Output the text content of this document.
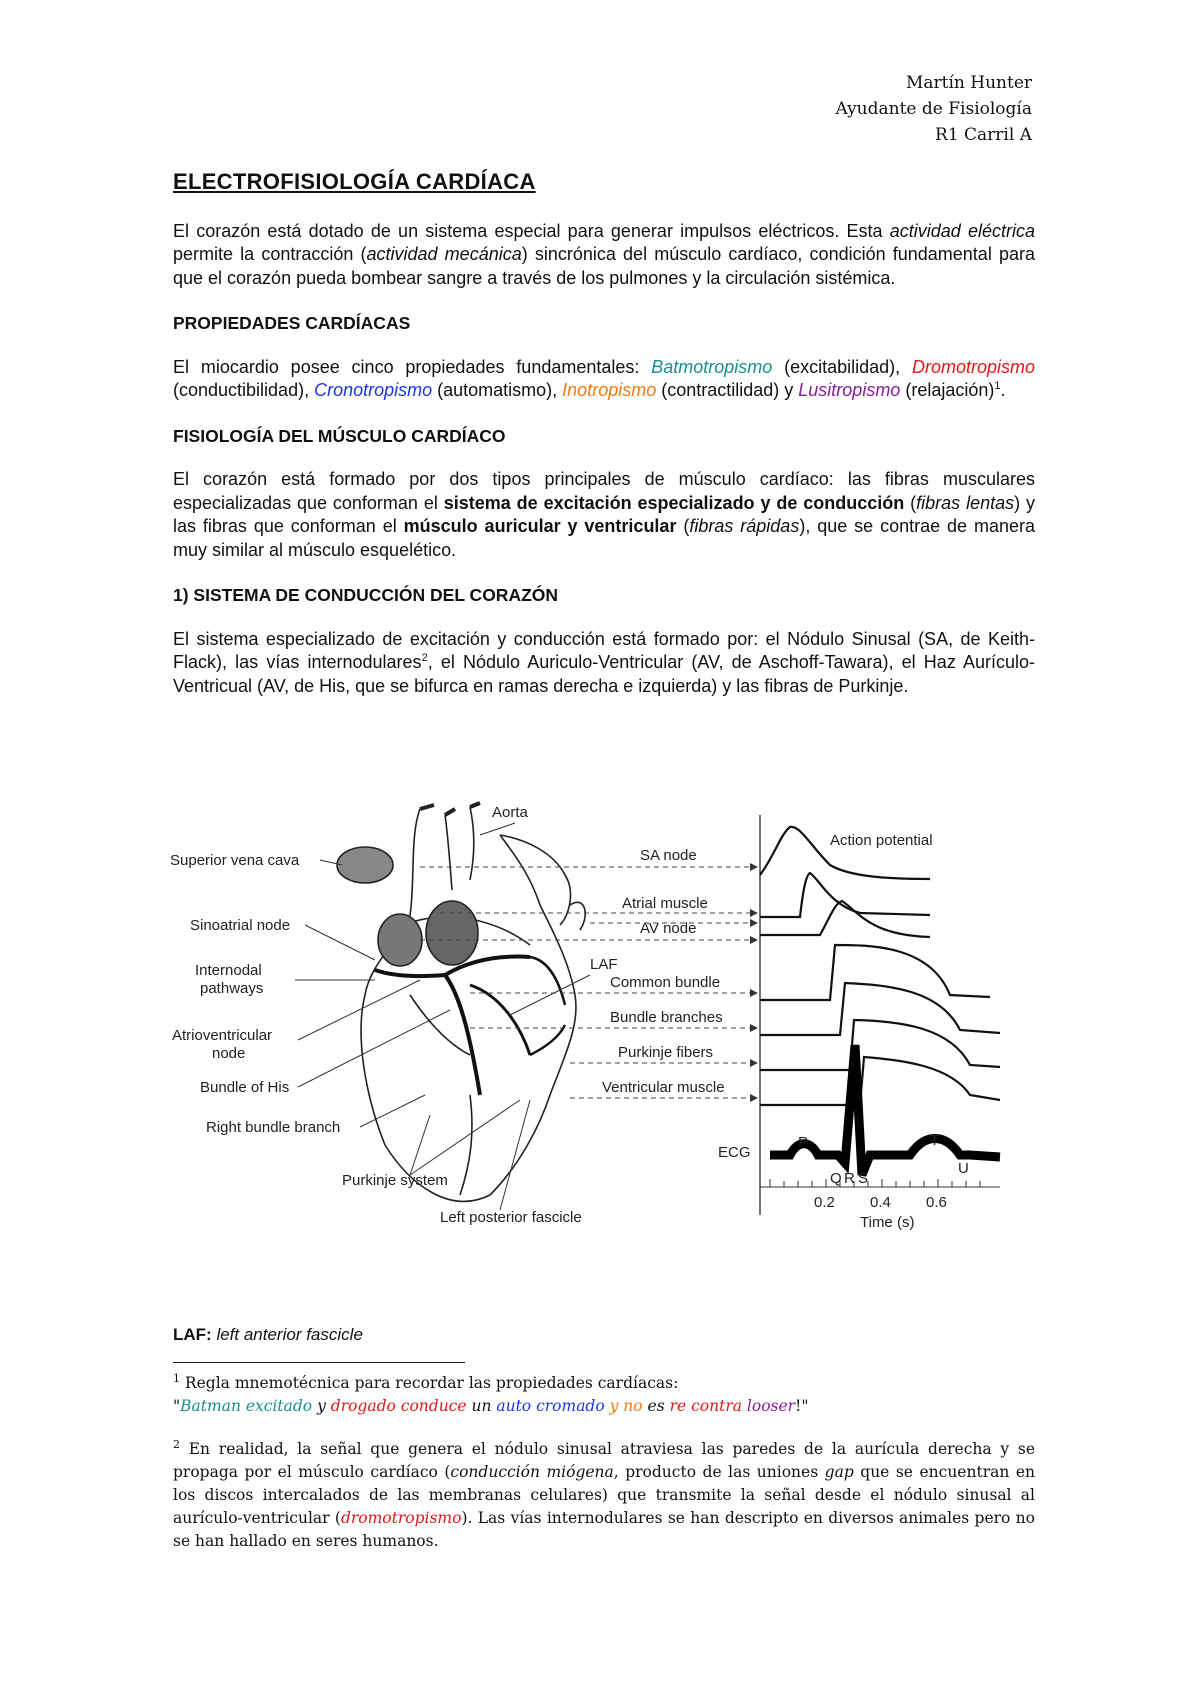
Martín Hunter
Ayudante de Fisiología
R1 Carril A
ELECTROFISIOLOGÍA CARDÍACA

El corazón está dotado de un sistema especial para generar impulsos eléctricos. Esta actividad eléctrica permite la contracción (actividad mecánica) sincrónica del músculo cardíaco, condición fundamental para que el corazón pueda bombear sangre a través de los pulmones y la circulación sistémica.

PROPIEDADES CARDÍACAS

El miocardio posee cinco propiedades fundamentales: Batmotropismo (excitabilidad), Dromotropismo (conductibilidad), Cronotropismo (automatismo), Inotropismo (contractilidad) y Lusitropismo (relajación)$^1$.

FISIOLOGÍA DEL MÚSCULO CARDÍACO

El corazón está formado por dos tipos principales de músculo cardíaco: las fibras musculares especializadas que conforman el sistema de excitación especializado y de conducción (fibras lentas) y las fibras que conforman el músculo auricular y ventricular (fibras rápidas), que se contrae de manera muy similar al músculo esquelético.

1) SISTEMA DE CONDUCCIÓN DEL CORAZÓN

El sistema especializado de excitación y conducción está formado por: el Nódulo Sinusal (SA, de Keith-Flack), las vías internodulares$^2$, el Nódulo Auriculo-Ventricular (AV, de Aschoff-Tawara), el Haz Aurículo-Ventricual (AV, de His, que se bifurca en ramas derecha e izquierda) y las fibras de Purkinje.

Aorta
Superior vena cava
Sinoatrial node
Internodal
pathways
Atrioventricular
node
Bundle of His
Right bundle branch
Purkinje system
Left posterior fascicle
LAF
SA node
Atrial muscle
AV node
Common bundle
Bundle branches
Purkinje fibers
Ventricular muscle
Action potential
ECG
P
Q R S
T
U
0.2 0.4 0.6
Time (s)
LAF: left anterior fascicle

$^1$ Regla mnemotécnica para recordar las propiedades cardíacas:

"Batman excitado y drogado conduce un auto cromado y no es re contra looser!"

$^2$ En realidad, la señal que genera el nódulo sinusal atraviesa las paredes de la aurícula derecha y se propaga por el músculo cardíaco (conducción miógena, producto de las uniones gap que se encuentran en los discos intercalados de las membranas celulares) que transmite la señal desde el nódulo sinusal al aurículo-ventricular (dromotropismo). Las vías internodulares se han descripto en diversos animales pero no se han hallado en seres humanos.
